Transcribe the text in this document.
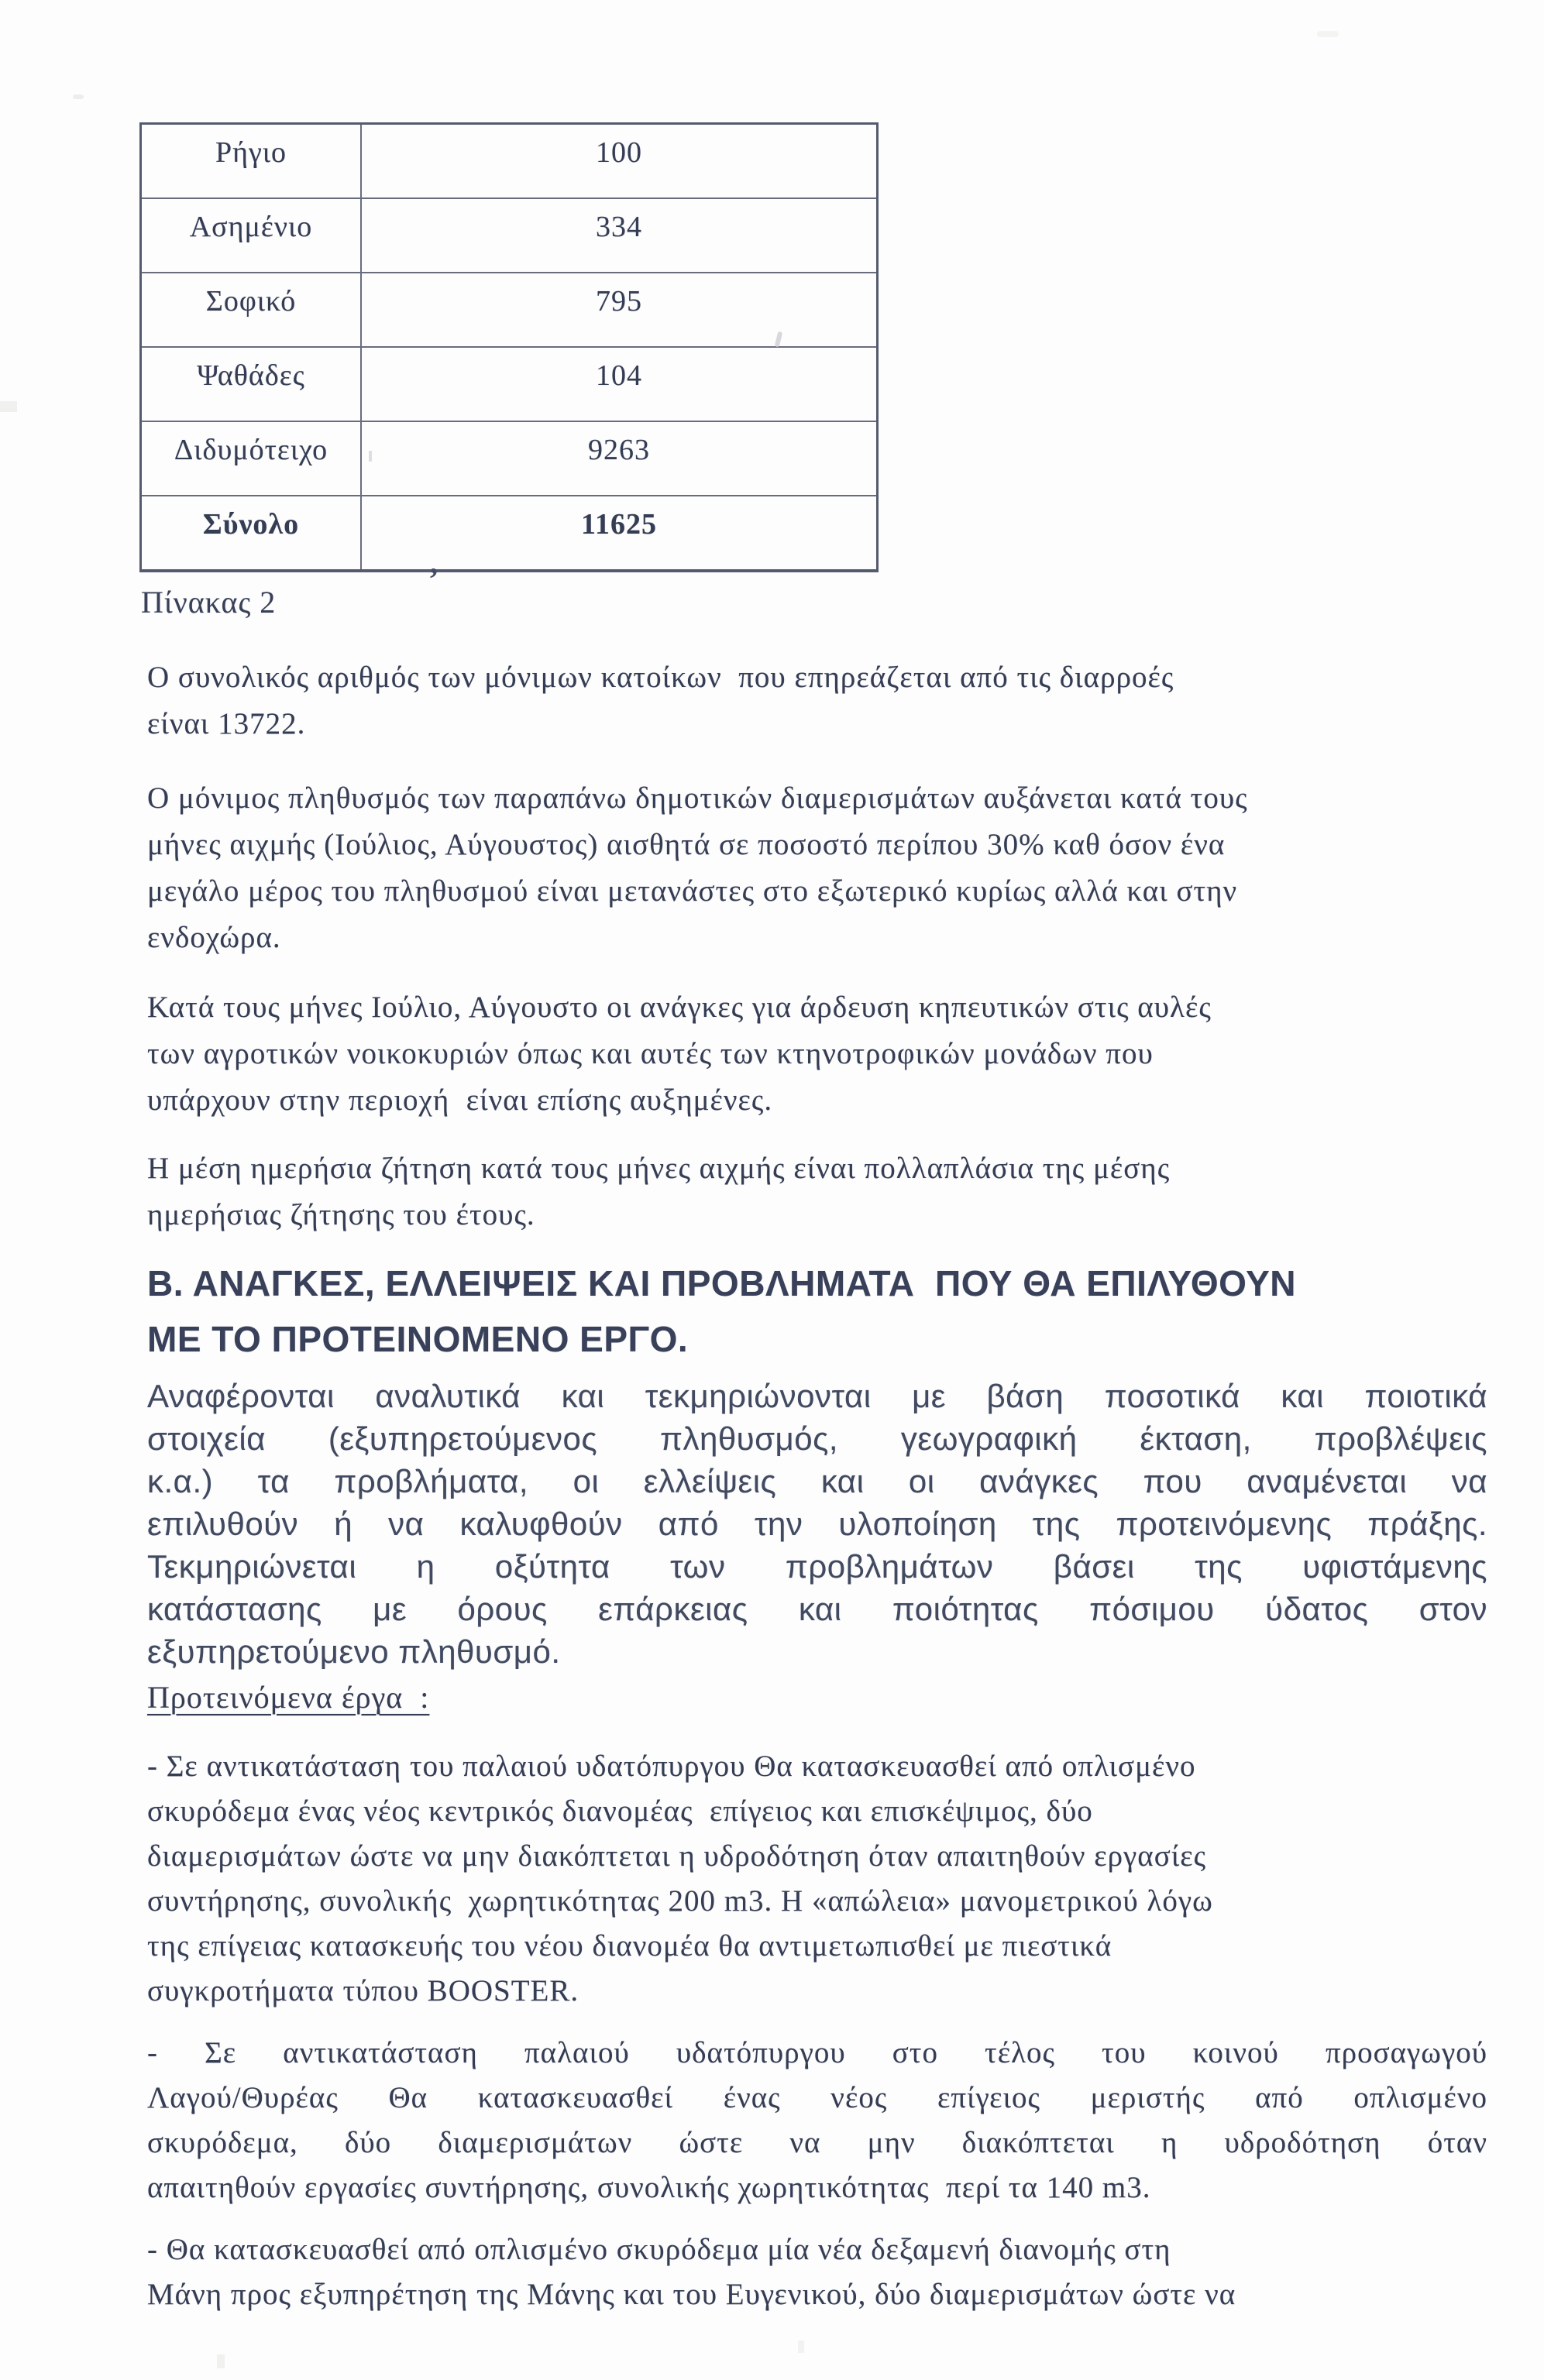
Ρήγιο	100
Ασημένιο	334
Σοφικό	795
Ψαθάδες	104
Διδυμότειχο	9263
Σύνολο	11625
,
Πίνακας 2
Ο συνολικός αριθμός των μόνιμων κατοίκων  που επηρεάζεται από τις διαρροές
είναι 13722.
Ο μόνιμος πληθυσμός των παραπάνω δημοτικών διαμερισμάτων αυξάνεται κατά τους
μήνες αιχμής (Ιούλιος, Αύγουστος) αισθητά σε ποσοστό περίπου 30% καθ όσον ένα
μεγάλο μέρος του πληθυσμού είναι μετανάστες στο εξωτερικό κυρίως αλλά και στην
ενδοχώρα.
Κατά τους μήνες Ιούλιο, Αύγουστο οι ανάγκες για άρδευση κηπευτικών στις αυλές
των αγροτικών νοικοκυριών όπως και αυτές των κτηνοτροφικών μονάδων που
υπάρχουν στην περιοχή  είναι επίσης αυξημένες.
Η μέση ημερήσια ζήτηση κατά τους μήνες αιχμής είναι πολλαπλάσια της μέσης
ημερήσιας ζήτησης του έτους.
Β. ΑΝΑΓΚΕΣ, ΕΛΛΕΙΨΕΙΣ ΚΑΙ ΠΡΟΒΛΗΜΑΤΑ  ΠΟΥ ΘΑ ΕΠΙΛΥΘΟΥΝ
ΜΕ ΤΟ ΠΡΟΤΕΙΝΟΜΕΝΟ ΕΡΓΟ.
Αναφέρονται αναλυτικά και τεκμηριώνονται με βάση ποσοτικά και ποιοτικά
στοιχεία (εξυπηρετούμενος πληθυσμός, γεωγραφική έκταση, προβλέψεις
κ.α.) τα προβλήματα, οι ελλείψεις και οι ανάγκες που αναμένεται να
επιλυθούν ή να καλυφθούν από την υλοποίηση της προτεινόμενης πράξης.
Τεκμηριώνεται η οξύτητα των προβλημάτων βάσει της υφιστάμενης
κατάστασης με όρους επάρκειας και ποιότητας πόσιμου ύδατος στον
εξυπηρετούμενο πληθυσμό.
Προτεινόμενα έργα  :
- Σε αντικατάσταση του παλαιού υδατόπυργου Θα κατασκευασθεί από οπλισμένο
σκυρόδεμα ένας νέος κεντρικός διανομέας  επίγειος και επισκέψιμος, δύο
διαμερισμάτων ώστε να μην διακόπτεται η υδροδότηση όταν απαιτηθούν εργασίες
συντήρησης, συνολικής  χωρητικότητας 200 m3. Η «απώλεια» μανομετρικού λόγω
της επίγειας κατασκευής του νέου διανομέα θα αντιμετωπισθεί με πιεστικά
συγκροτήματα τύπου BOOSTER.
- Σε αντικατάσταση παλαιού υδατόπυργου στο τέλος του κοινού προσαγωγού
Λαγού/Θυρέας Θα κατασκευασθεί ένας νέος επίγειος μεριστής από οπλισμένο
σκυρόδεμα, δύο διαμερισμάτων ώστε να μην διακόπτεται η υδροδότηση όταν
απαιτηθούν εργασίες συντήρησης, συνολικής χωρητικότητας  περί τα 140 m3.
- Θα κατασκευασθεί από οπλισμένο σκυρόδεμα μία νέα δεξαμενή διανομής στη
Μάνη προς εξυπηρέτηση της Μάνης και του Ευγενικού, δύο διαμερισμάτων ώστε να
